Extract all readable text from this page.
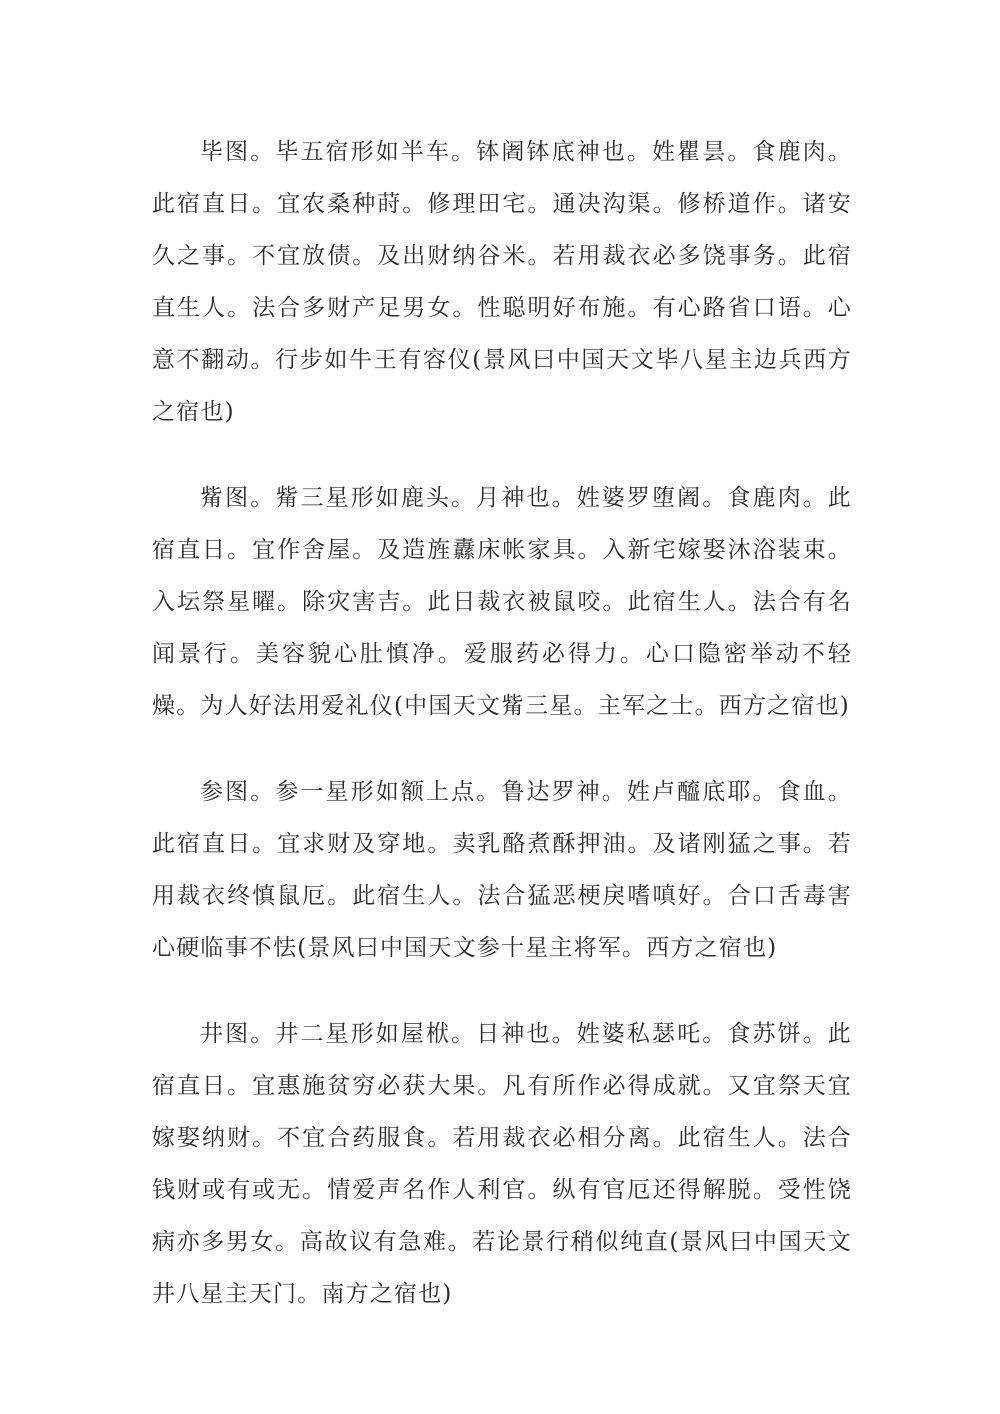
毕图。毕五宿形如半车。钵阇钵底神也。姓瞿昙。食鹿肉。此宿直日。宜农桑种莳。修理田宅。通决沟渠。修桥道作。诸安久之事。不宜放债。及出财纳谷米。若用裁衣必多饶事务。此宿直生人。法合多财产足男女。性聪明好布施。有心路省口语。心意不翻动。行步如牛王有容仪(景风曰中国天文毕八星主边兵西方之宿也)

觜图。觜三星形如鹿头。月神也。姓婆罗堕阇。食鹿肉。此宿直日。宜作舍屋。及造旌纛床帐家具。入新宅嫁娶沐浴装束。入坛祭星曜。除灾害吉。此日裁衣被鼠咬。此宿生人。法合有名闻景行。美容貌心肚慎净。爱服药必得力。心口隐密举动不轻燥。为人好法用爱礼仪(中国天文觜三星。主军之士。西方之宿也)

参图。参一星形如额上点。鲁达罗神。姓卢醯底耶。食血。此宿直日。宜求财及穿地。卖乳酪煮酥押油。及诸刚猛之事。若用裁衣终慎鼠厄。此宿生人。法合猛恶梗戾嗜嗔好。合口舌毒害心硬临事不怯(景风曰中国天文参十星主将军。西方之宿也)

井图。井二星形如屋栿。日神也。姓婆私瑟吒。食苏饼。此宿直日。宜惠施贫穷必获大果。凡有所作必得成就。又宜祭天宜嫁娶纳财。不宜合药服食。若用裁衣必相分离。此宿生人。法合钱财或有或无。情爱声名作人利官。纵有官厄还得解脱。受性饶病亦多男女。高故议有急难。若论景行稍似纯直(景风曰中国天文井八星主天门。南方之宿也)
